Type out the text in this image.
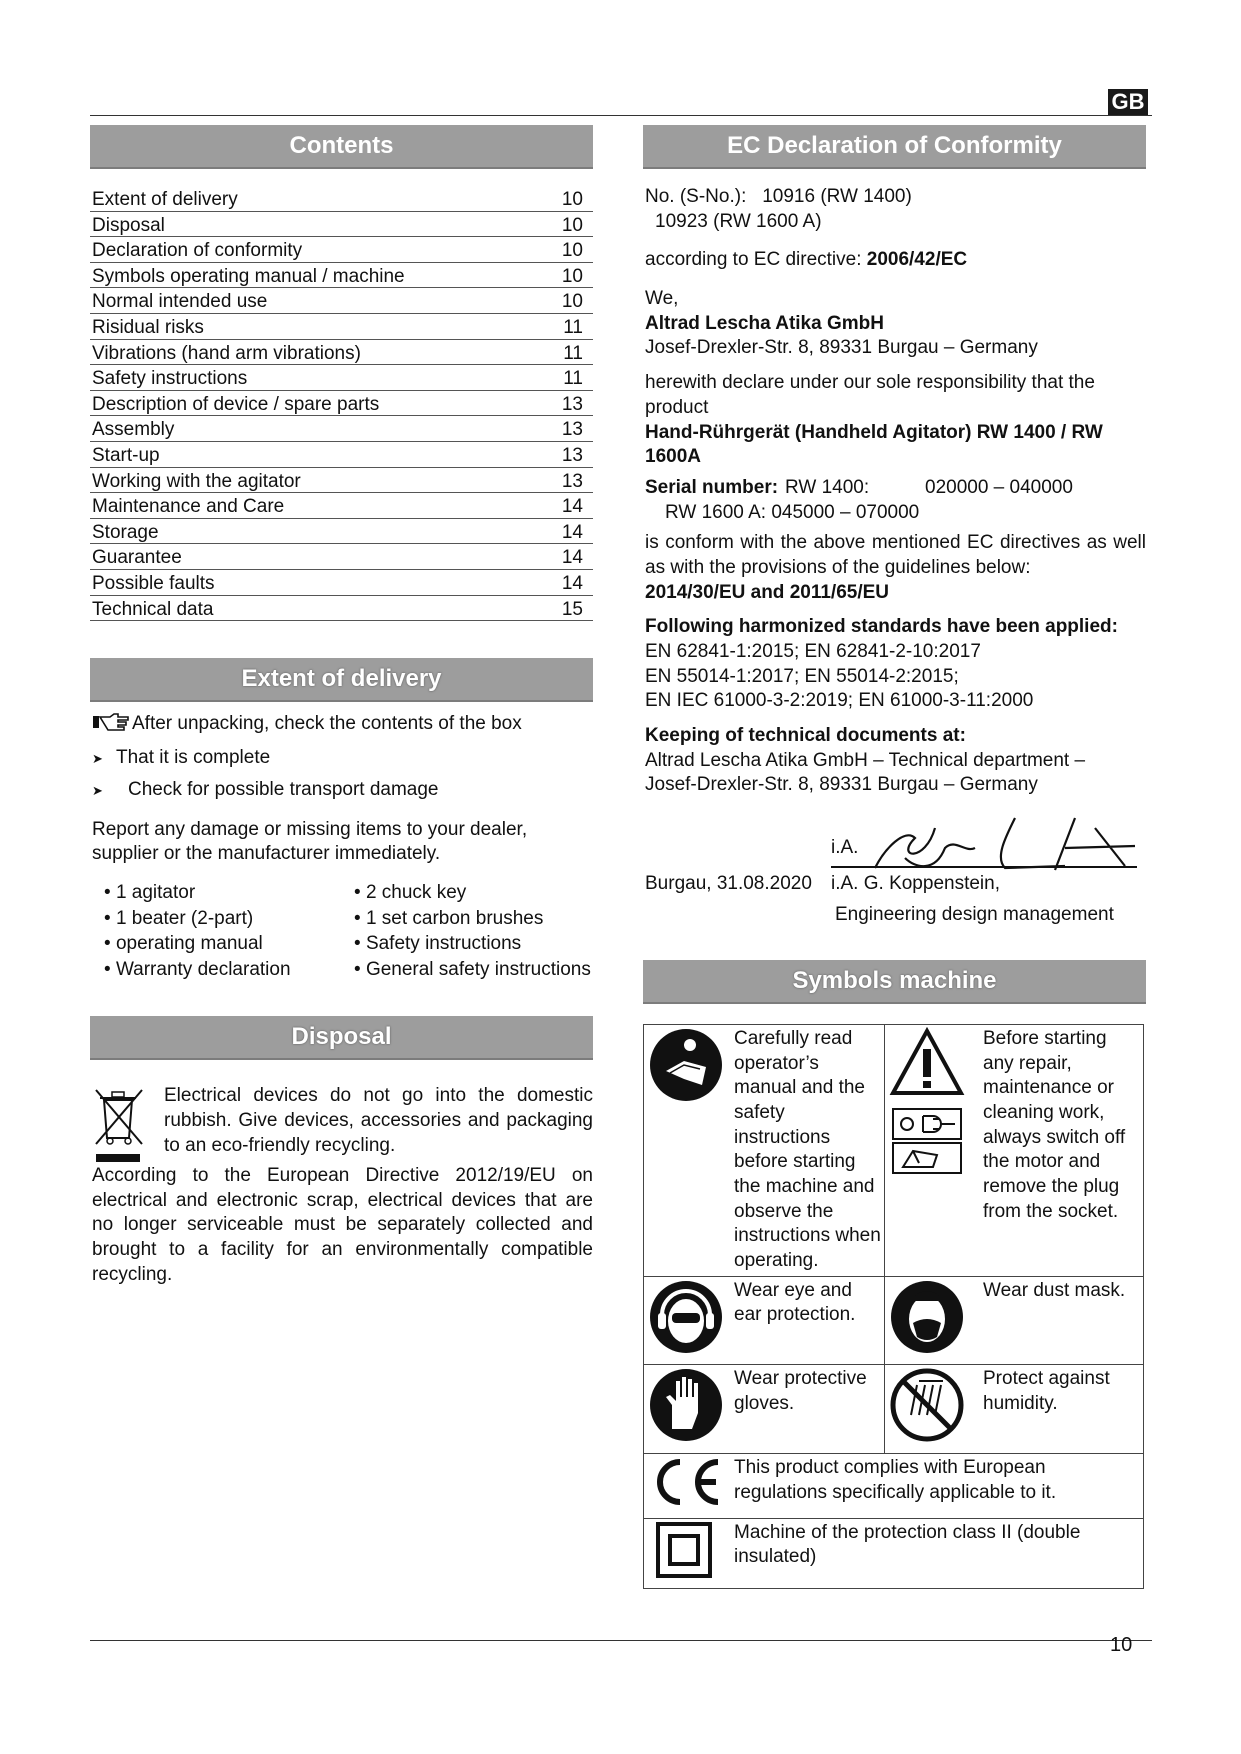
GB
Contents
Extent of delivery	10
Disposal	10
Declaration of conformity	10
Symbols operating manual / machine	10
Normal intended use	10
Risidual risks	11
Vibrations (hand arm vibrations)	11
Safety instructions	11
Description of device / spare parts	13
Assembly	13
Start-up	13
Working with the agitator	13
Maintenance and Care	14
Storage	14
Guarantee	14
Possible faults	14
Technical data	15
Extent of delivery
After unpacking, check the contents of the box
➤ That it is complete
➤	Check for possible transport damage

Report any damage or missing items to your dealer, supplier or the manufacturer immediately.

• 1 agitator	• 2 chuck key
• 1 beater (2-part)	• 1 set carbon brushes
• operating manual	• Safety instructions
• Warranty declaration	• General safety instructions
Disposal
Electrical devices do not go into the domestic rubbish. Give devices, accessories and packaging to an eco-friendly recycling.

According to the European Directive 2012/19/EU on electrical and electronic scrap, electrical devices that are no longer serviceable must be separately collected and brought to a facility for an environmentally compatible recycling.

EC Declaration of Conformity
No. (S-No.): 10916 (RW 1400)
10923 (RW 1600 A)
according to EC directive: 2006/42/EC
We,
Altrad Lescha Atika GmbH
Josef-Drexler-Str. 8, 89331 Burgau – Germany
herewith declare under our sole responsibility that the product
Hand-Rührgerät (Handheld Agitator) RW 1400 / RW 1600A
Serial number: RW 1400:	020000 – 040000
RW 1600 A: 045000 – 070000
is conform with the above mentioned EC directives as well as with the provisions of the guidelines below:
2014/30/EU and 2011/65/EU
Following harmonized standards have been applied:
EN 62841-1:2015; EN 62841-2-10:2017
EN 55014-1:2017; EN 55014-2:2015;
EN IEC 61000-3-2:2019; EN 61000-3-11:2000
Keeping of technical documents at:
Altrad Lescha Atika GmbH – Technical department –
Josef-Drexler-Str. 8, 89331 Burgau – Germany
i.A.
Burgau, 31.08.2020 i.A. G. Koppenstein,
Engineering design management
Symbols machine
	Carefully read operator’s manual and the safety instructions before starting the machine and observe the instructions when operating.		Before starting any repair, maintenance or cleaning work, always switch off the motor and remove the plug from the socket.
	Wear eye and ear protection.		Wear dust mask.
	Wear protective gloves.		Protect against humidity.
	This product complies with European regulations specifically applicable to it.		
	Machine of the protection class II (double insulated)		
10
